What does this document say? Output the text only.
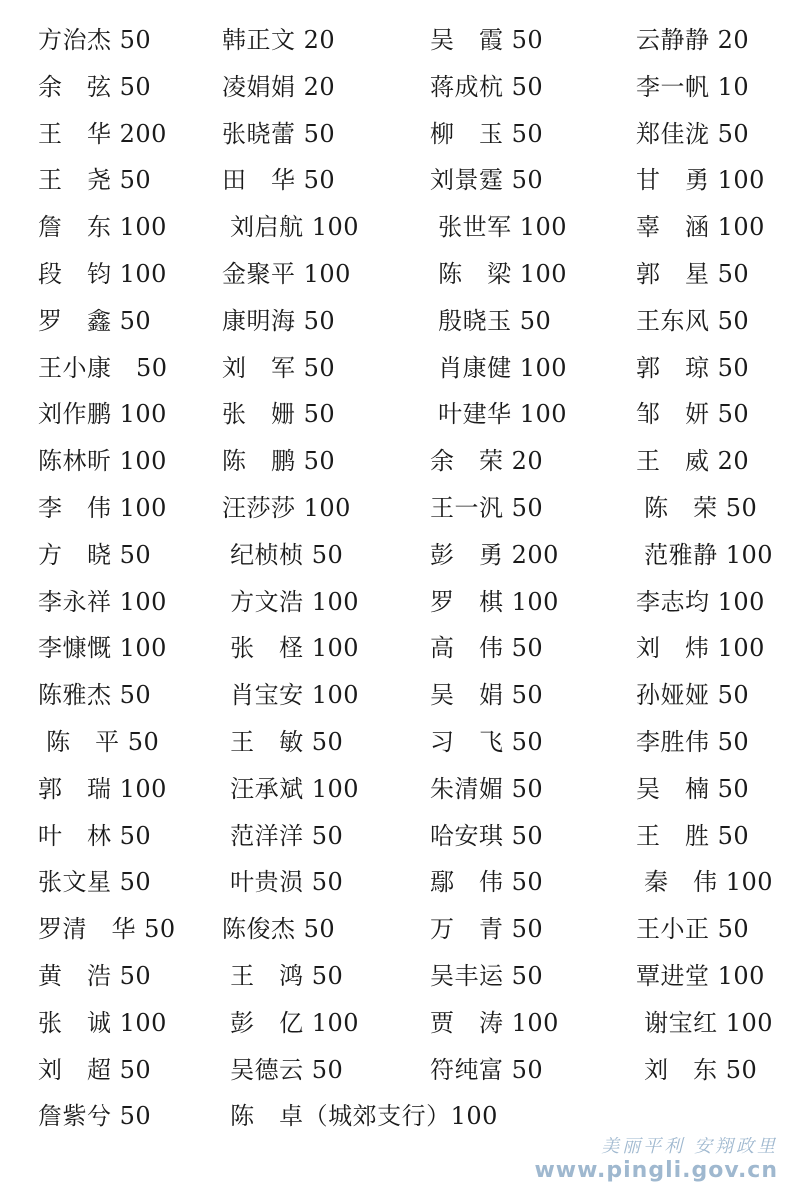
方治杰 50	韩正文 20	吴　霞 50	云静静 20
余　弦 50	凌娟娟 20	蒋成杭 50	李一帆 10
王　华 200 张晓蕾 50	柳　玉 50	郑佳泷 50
王　尧 50	田　华 50	刘景霆 50	甘　勇 100
詹　东 100 刘启航 100	张世军 100	辜　涵 100
段　钧 100 金聚平 100	陈　梁 100	郭　星 50
罗　鑫 50	康明海 50	殷晓玉 50	王东风 50
王小康　50 刘　军 50	肖康健 100	郭　琼 50
刘作鹏 100 张　姗 50	叶建华 100	邹　妍 50
陈林昕 100 陈　鹏 50	余　荣 20	王　威 20
李　伟 100 汪莎莎 100	王一汎 50	陈　荣 50
方　晓 50	纪桢桢 50	彭　勇 200	范雅静 100
李永祥 100 方文浩 100	罗　棋 100	李志均 100
李慷慨 100 张　柽 100	高　伟 50	刘　炜 100
陈雅杰 50	肖宝安 100	吴　娟 50	孙娅娅 50
陈　平 50	王　敏 50	习　飞 50	李胜伟 50
郭　瑞 100 汪承斌 100	朱清媚 50	吴　楠 50
叶　林 50	范洋洋 50	哈安琪 50	王　胜 50
张文星 50	叶贵涢 50	鄢　伟 50	秦　伟 100
罗清　华 50 陈俊杰 50	万　青 50	王小正 50
黄　浩 50	王　鸿 50	吴丰运 50	覃进堂 100
张　诚 100 彭　亿 100	贾　涛 100	谢宝红 100
刘　超 50	吴德云 50	符纯富 50	刘　东 50
詹紫兮 50	陈　卓（城郊支行）100
美丽平利 安翔政里
www.pingli.gov.cn
